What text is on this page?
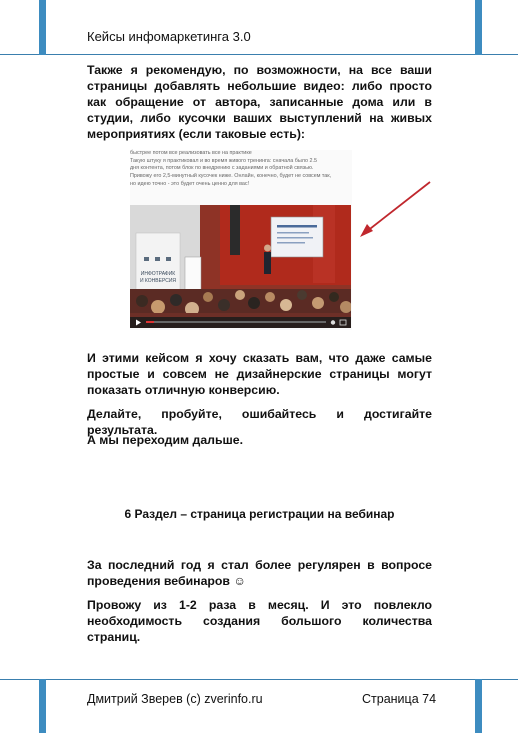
Кейсы инфомаркетинга 3.0

Также я рекомендую, по возможности, на все ваши страницы добавлять небольшие видео: либо просто как обращение от автора, записанные дома или в студии, либо кусочки ваших выступлений на живых мероприятиях (если таковые есть):

быстрее потом все реализовать все на практике
Такую штуку я практиковал и во время живого тренинга: сначала было 2.5
дня контента, потом блок по внедрению с заданиями и обратной связью.
Привожу его 2,5-минутный кусочек ниже. Онлайн, конечно, будет не совсем так,
но идею точно - это будет очень ценно для вас!
ИНФОТРАФИК
И КОНВЕРСИЯ

И этими кейсом я хочу сказать вам, что даже самые простые и совсем не дизайнерские страницы могут показать отличную конверсию.

Делайте, пробуйте, ошибайтесь и достигайте результата.

А мы переходим дальше.

6 Раздел – страница регистрации на вебинар

За последний год я стал более регулярен в вопросе проведения вебинаров ☺

Провожу из 1-2 раза в месяц. И это повлекло необходимость создания большого количества страниц.

Дмитрий Зверев (c) zverinfo.ru	Страница 74
